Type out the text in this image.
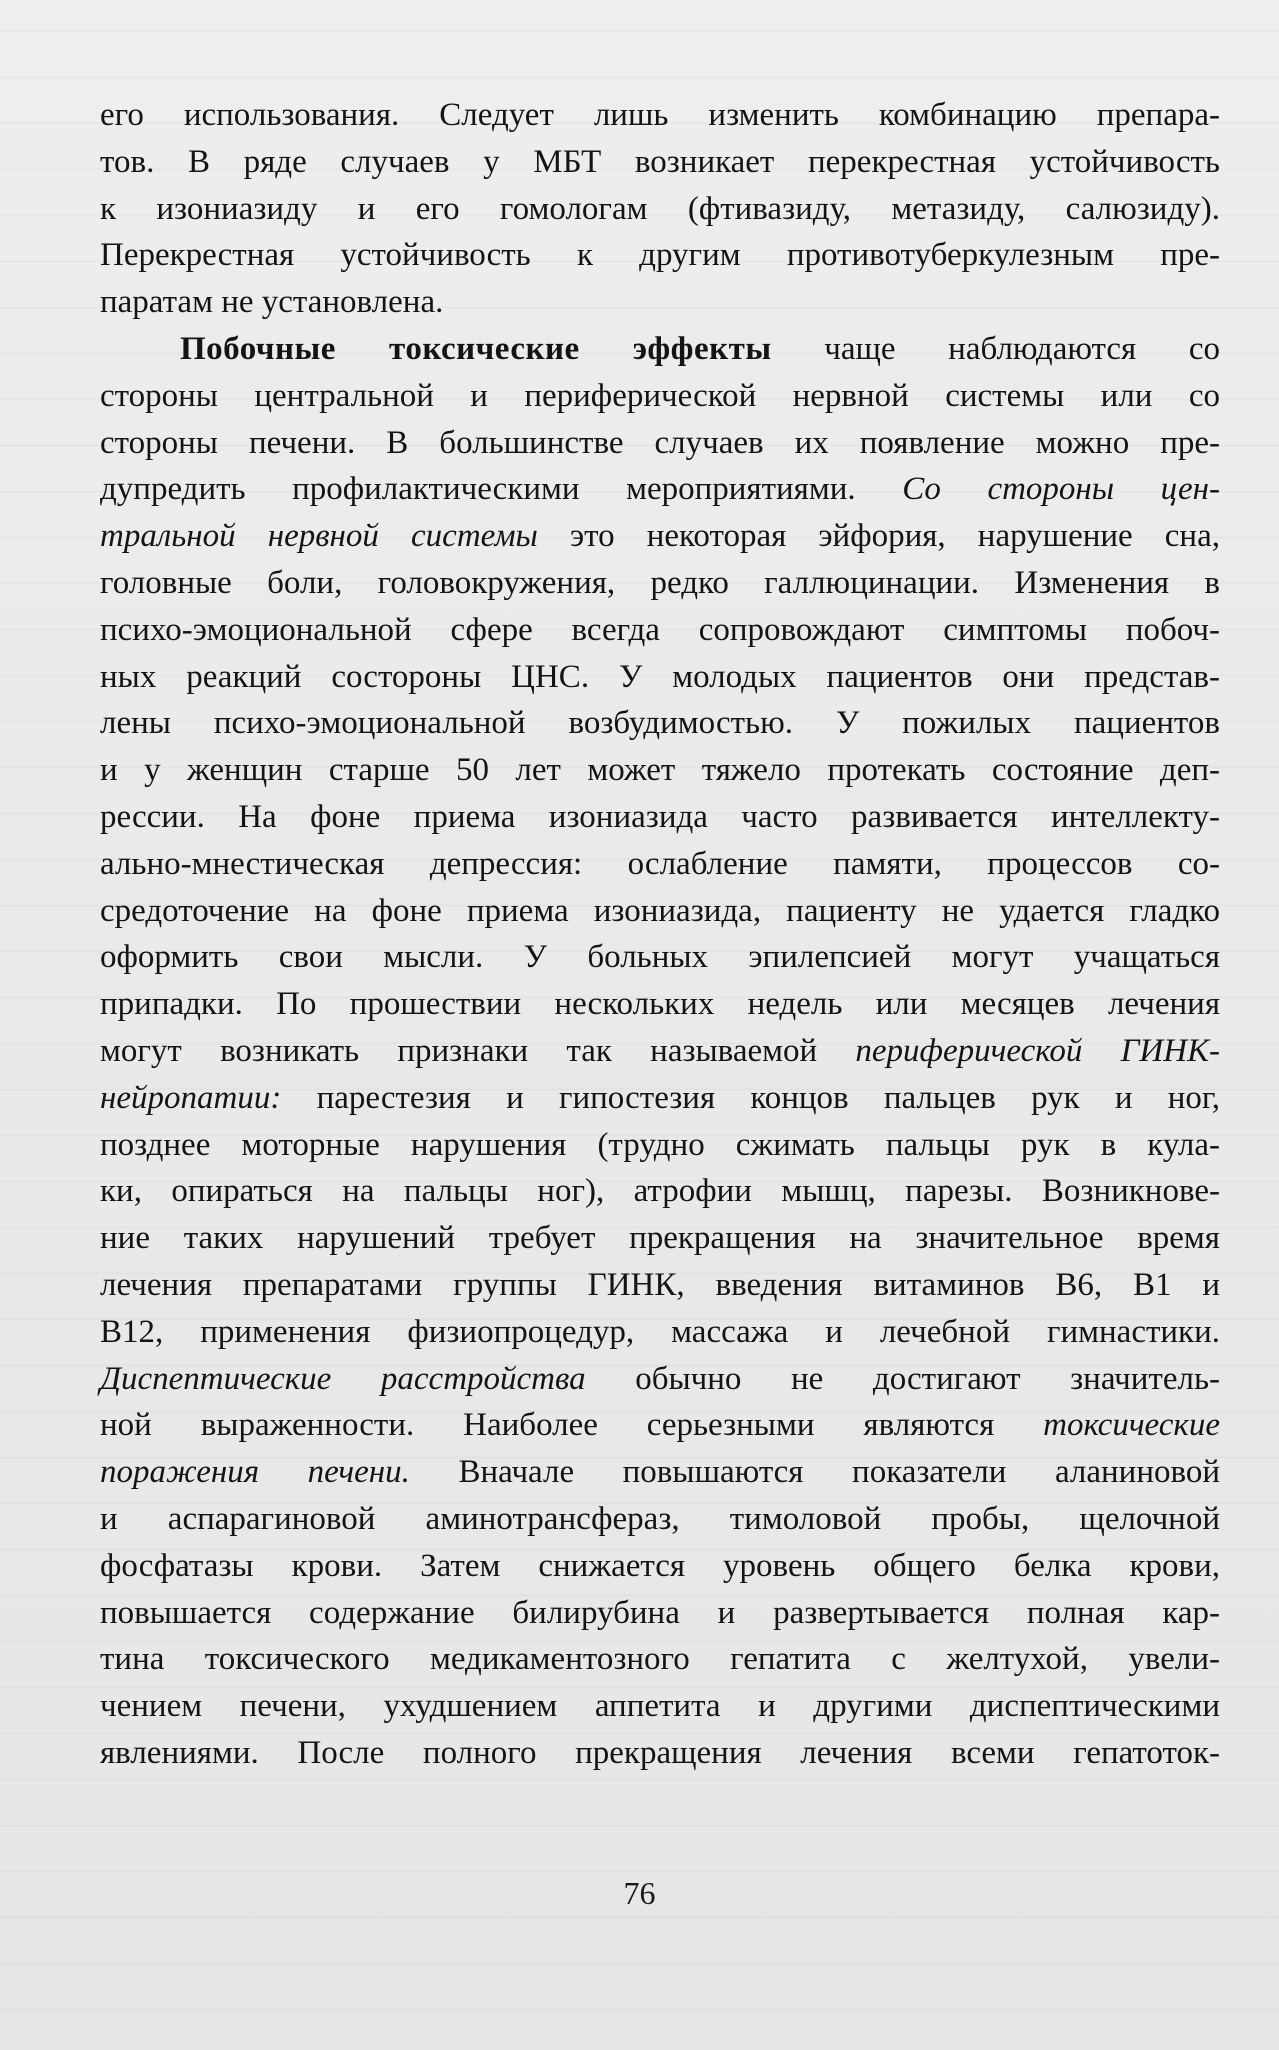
его использования. Следует лишь изменить комбинацию препара-
тов. В ряде случаев у МБТ возникает перекрестная устойчивость
к изониазиду и его гомологам (фтивазиду, метазиду, салюзиду).
Перекрестная устойчивость к другим противотуберкулезным пре-
паратам не установлена.
Побочные токсические эффекты чаще наблюдаются со
стороны центральной и периферической нервной системы или со
стороны печени. В большинстве случаев их появление можно пре-
дупредить профилактическими мероприятиями. Со стороны цен-
тральной нервной системы это некоторая эйфория, нарушение сна,
головные боли, головокружения, редко галлюцинации. Изменения в
психо-эмоциональной сфере всегда сопровождают симптомы побоч-
ных реакций состороны ЦНС. У молодых пациентов они представ-
лены психо-эмоциональной возбудимостью. У пожилых пациентов
и у женщин старше 50 лет может тяжело протекать состояние деп-
рессии. На фоне приема изониазида часто развивается интеллекту-
ально-мнестическая депрессия: ослабление памяти, процессов со-
средоточение на фоне приема изониазида, пациенту не удается гладко
оформить свои мысли. У больных эпилепсией могут учащаться
припадки. По прошествии нескольких недель или месяцев лечения
могут возникать признаки так называемой периферической ГИНК-
нейропатии: парестезия и гипостезия концов пальцев рук и ног,
позднее моторные нарушения (трудно сжимать пальцы рук в кула-
ки, опираться на пальцы ног), атрофии мышц, парезы. Возникнове-
ние таких нарушений требует прекращения на значительное время
лечения препаратами группы ГИНК, введения витаминов В6, В1 и
В12, применения физиопроцедур, массажа и лечебной гимнастики.
Диспептические расстройства обычно не достигают значитель-
ной выраженности. Наиболее серьезными являются токсические
поражения печени. Вначале повышаются показатели аланиновой
и аспарагиновой аминотрансфераз, тимоловой пробы, щелочной
фосфатазы крови. Затем снижается уровень общего белка крови,
повышается содержание билирубина и развертывается полная кар-
тина токсического медикаментозного гепатита с желтухой, увели-
чением печени, ухудшением аппетита и другими диспептическими
явлениями. После полного прекращения лечения всеми гепатоток-
76
